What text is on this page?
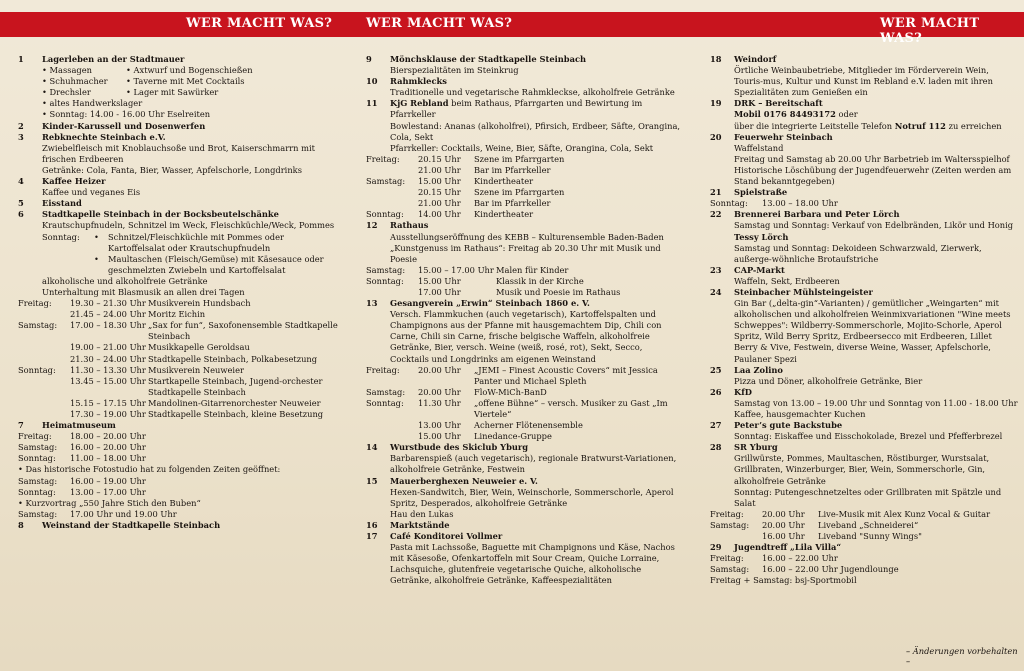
WER MACHT WAS?	WER MACHT WAS?	WER MACHT WAS?
1	Lagerleben an der Stadtmauer
• Massagen	• Axtwurf und Bogenschießen
• Schuhmacher	• Taverne mit Met Cocktails
• Drechsler	• Lager mit Sawürker
• altes Handwerkslager
• Sonntag: 14.00 - 16.00 Uhr Eselreiten
2	Kinder-Karussell und Dosenwerfen
3	Rebknechte Steinbach e.V.
Zwiebelfleisch mit Knoblauchsoße und Brot, Kaiserschmarrn mit frischen Erdbeeren
Getränke: Cola, Fanta, Bier, Wasser, Apfelschorle, Longdrinks
4	Kaffee Heizer
Kaffee und veganes Eis
5	Eisstand
6	Stadtkapelle Steinbach in der Bocksbeutelschänke
Krautschupfnudeln, Schnitzel im Weck, Fleischküchle/Weck, Pommes
Sonntag:	•	Schnitzel/Fleischküchle mit Pommes oder Kartoffelsalat oder Krautschupfnudeln
•	Maultaschen (Fleisch/Gemüse) mit Käsesauce oder geschmelzten Zwiebeln und Kartoffelsalat
alkoholische und alkoholfreie Getränke
Unterhaltung mit Blasmusik an allen drei Tagen
Freitag:	19.30 – 21.30 Uhr Musikverein Hundsbach
21.45 – 24.00 Uhr Moritz Eichin
Samstag:	17.00 – 18.30 Uhr „Sax for fun“, Saxofonensemble Stadtkapelle Steinbach
19.00 – 21.00 Uhr Musikkapelle Geroldsau
21.30 – 24.00 Uhr Stadtkapelle Steinbach, Polkabesetzung
Sonntag:	11.30 – 13.30 Uhr Musikverein Neuweier
13.45 – 15.00 Uhr Startkapelle Steinbach, Jugend-orchester Stadtkapelle Steinbach
15.15 – 17.15 Uhr Mandolinen-Gitarrenorchester Neuweier
17.30 – 19.00 Uhr Stadtkapelle Steinbach, kleine Besetzung
7	Heimatmuseum
Freitag:	18.00 – 20.00 Uhr
Samstag:	16.00 – 20.00 Uhr
Sonntag:	11.00 – 18.00 Uhr
• Das historische Fotostudio hat zu folgenden Zeiten geöffnet:
Samstag:	16.00 – 19.00 Uhr
Sonntag:	13.00 – 17.00 Uhr
• Kurzvortrag „550 Jahre Stich den Buben“
Samstag:	17.00 Uhr und 19.00 Uhr
8	Weinstand der Stadtkapelle Steinbach
9	Mönchsklause der Stadtkapelle Steinbach
Bierspezialitäten im Steinkrug
10	Rahmklecks
Traditionelle und vegetarische Rahmkleckse, alkoholfreie Getränke
11	KjG Rebland beim Rathaus, Pfarrgarten und Bewirtung im Pfarrkeller
Bowlestand: Ananas (alkoholfrei), Pfirsich, Erdbeer, Säfte, Orangina, Cola, Sekt
Pfarrkeller: Cocktails, Weine, Bier, Säfte, Orangina, Cola, Sekt
Freitag:	20.15 Uhr	Szene im Pfarrgarten
21.00 Uhr	Bar im Pfarrkeller
Samstag:	15.00 Uhr	Kindertheater
20.15 Uhr	Szene im Pfarrgarten
21.00 Uhr	Bar im Pfarrkeller
Sonntag:	14.00 Uhr	Kindertheater
12	Rathaus
Ausstellungseröffnung des KEBB – Kulturensemble Baden-Baden „Kunstgenuss im Rathaus“: Freitag ab 20.30 Uhr mit Musik und Poesie
Samstag:	15.00 – 17.00 Uhr Malen für Kinder
Sonntag:	15.00 Uhr	Klassik in der Kirche
17.00 Uhr	Musik und Poesie im Rathaus
13	Gesangverein „Erwin“ Steinbach 1860 e. V.
Versch. Flammkuchen (auch vegetarisch), Kartoffelspalten und Champignons aus der Pfanne mit hausgemachtem Dip, Chili con Carne, Chili sin Carne, frische belgische Waffeln, alkoholfreie Getränke, Bier, versch. Weine (weiß, rosé, rot), Sekt, Secco, Cocktails und Longdrinks am eigenen Weinstand
Freitag:	20.00 Uhr	„JEMI – Finest Acoustic Covers“ mit Jessica Panter und Michael Spleth
Samstag:	20.00 Uhr	FloW-MiCh-BanD
Sonntag:	11.30 Uhr	„offene Bühne“ – versch. Musiker zu Gast „Im Viertele“
13.00 Uhr	Acherner Flötenensemble
15.00 Uhr	Linedance-Gruppe
14	Wurstbude des Skiclub Yburg
Barbarenspieß (auch vegetarisch), regionale Bratwurst-Variationen, alkoholfreie Getränke, Festwein
15	Mauerberghexen Neuweier e. V.
Hexen-Sandwitch, Bier, Wein, Weinschorle, Sommerschorle, Aperol Spritz, Desperados, alkoholfreie Getränke
Hau den Lukas
16	Marktstände
17	Café Konditorei Vollmer
Pasta mit Lachssoße, Baguette mit Champignons und Käse, Nachos mit Käsesoße, Ofenkartoffeln mit Sour Cream, Quiche Lorraine, Lachsquiche, glutenfreie vegetarische Quiche, alkoholische Getränke, alkoholfreie Getränke, Kaffeespezialitäten
18	Weindorf
Örtliche Weinbaubetriebe, Mitglieder im Förderverein Wein, Touris-mus, Kultur und Kunst im Rebland e.V. laden mit ihren Spezialitäten zum Genießen ein
19	DRK – Bereitschaft
Mobil 0176 84493172 oder
über die integrierte Leitstelle Telefon Notruf 112 zu erreichen
20	Feuerwehr Steinbach
Waffelstand
Freitag und Samstag ab 20.00 Uhr Barbetrieb im Waltersspielhof
Historische Löschübung der Jugendfeuerwehr (Zeiten werden am Stand bekanntgegeben)
21	Spielstraße
Sonntag:	13.00 – 18.00 Uhr
22	Brennerei Barbara und Peter Lörch
Samstag und Sonntag: Verkauf von Edelbränden, Likör und Honig
Tessy Lörch
Samstag und Sonntag: Dekoideen Schwarzwald, Zierwerk, außerge-wöhnliche Brotaufstriche
23	CAP-Markt
Waffeln, Sekt, Erdbeeren
24	Steinbacher Mühlsteingeister
Gin Bar („delta-gin“-Varianten) / gemütlicher „Weingarten“ mit alkoholischen und alkoholfreien Weinmixvariationen "Wine meets Schweppes": Wildberry-Sommerschorle, Mojito-Schorle, Aperol Spritz, Wild Berry Spritz, Erdbeersecco mit Erdbeeren, Lillet Berry & Vive, Festwein, diverse Weine, Wasser, Apfelschorle, Paulaner Spezi
25	Laa Zolino
Pizza und Döner, alkoholfreie Getränke, Bier
26	KfD
Samstag von 13.00 – 19.00 Uhr und Sonntag von 11.00 - 18.00 Uhr Kaffee, hausgemachter Kuchen
27	Peter’s gute Backstube
Sonntag: Eiskaffee und Eisschokolade, Brezel und Pfefferbrezel
28	SR Yburg
Grillwürste, Pommes, Maultaschen, Röstiburger, Wurstsalat, Grillbraten, Winzerburger, Bier, Wein, Sommerschorle, Gin, alkoholfreie Getränke
Sonntag: Putengeschnetzeltes oder Grillbraten mit Spätzle und Salat
Freitag:	20.00 Uhr	Live-Musik mit Alex Kunz Vocal & Guitar
Samstag:	20.00 Uhr	Liveband „Schneiderei“
16.00 Uhr	Liveband "Sunny Wings"
29	Jugendtreff „Lila Villa“
Freitag:	16.00 – 22.00 Uhr
Samstag:	16.00 – 22.00 Uhr Jugendlounge
Freitag + Samstag: bsj-Sportmobil
– Änderungen vorbehalten –
